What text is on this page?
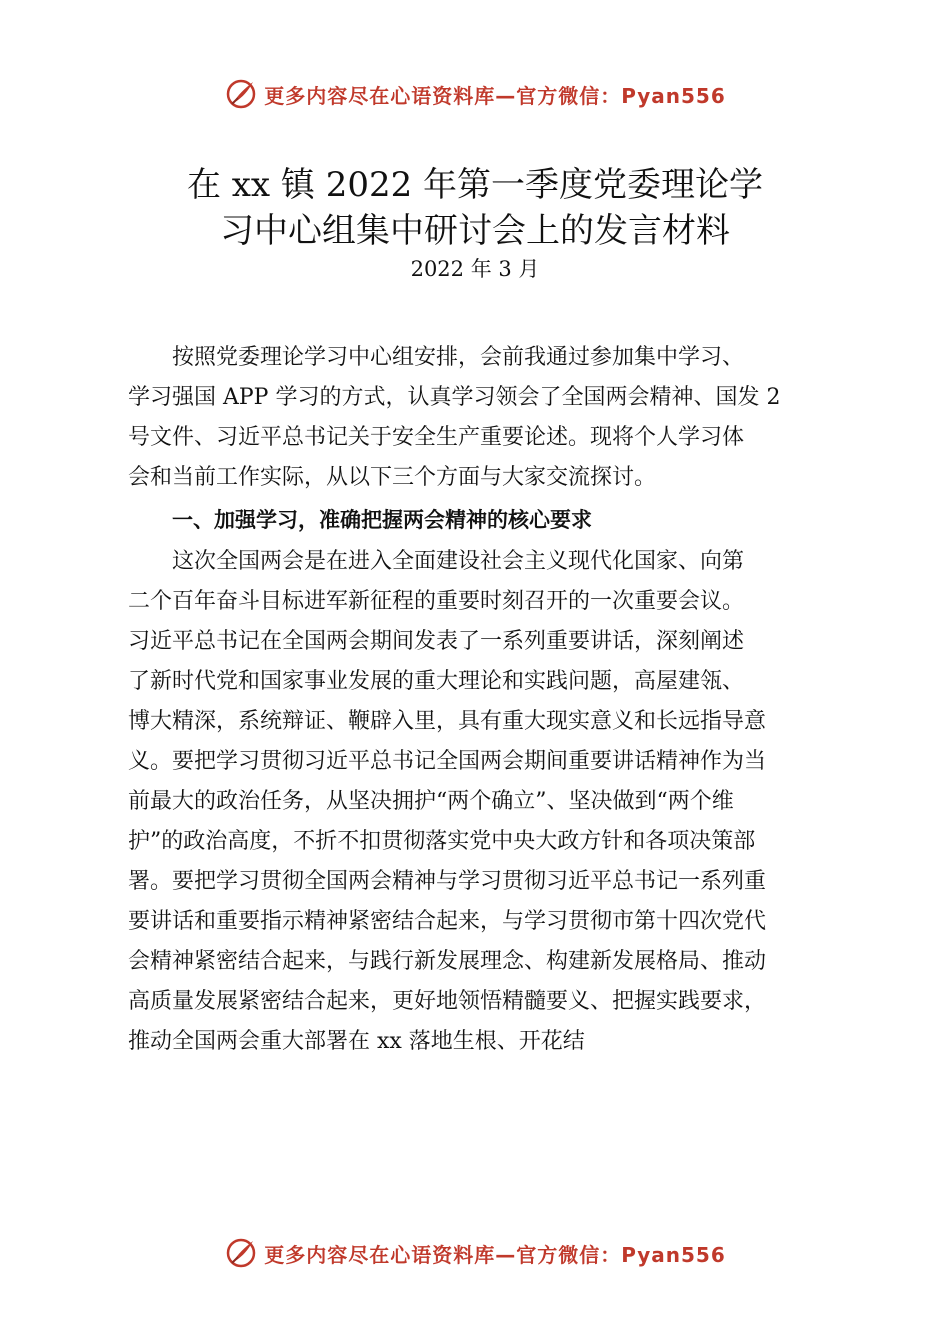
更多内容尽在心语资料库—官方微信：Pyan556
在 xx 镇 2022 年第一季度党委理论学
习中心组集中研讨会上的发言材料
2022 年 3 月
按照党委理论学习中心组安排，会前我通过参加集中学习、
学习强国 APP 学习的方式，认真学习领会了全国两会精神、国发 2
号文件、习近平总书记关于安全生产重要论述。现将个人学习体
会和当前工作实际，从以下三个方面与大家交流探讨。
一、加强学习，准确把握两会精神的核心要求
这次全国两会是在进入全面建设社会主义现代化国家、向第
二个百年奋斗目标进军新征程的重要时刻召开的一次重要会议。
习近平总书记在全国两会期间发表了一系列重要讲话，深刻阐述
了新时代党和国家事业发展的重大理论和实践问题，高屋建瓴、
博大精深，系统辩证、鞭辟入里，具有重大现实意义和长远指导意
义。要把学习贯彻习近平总书记全国两会期间重要讲话精神作为当
前最大的政治任务，从坚决拥护“两个确立”、坚决做到“两个维
护”的政治高度，不折不扣贯彻落实党中央大政方针和各项决策部
署。要把学习贯彻全国两会精神与学习贯彻习近平总书记一系列重
要讲话和重要指示精神紧密结合起来，与学习贯彻市第十四次党代
会精神紧密结合起来，与践行新发展理念、构建新发展格局、推动
高质量发展紧密结合起来，更好地领悟精髓要义、把握实践要求，
推动全国两会重大部署在 xx 落地生根、开花结
更多内容尽在心语资料库—官方微信：Pyan556
